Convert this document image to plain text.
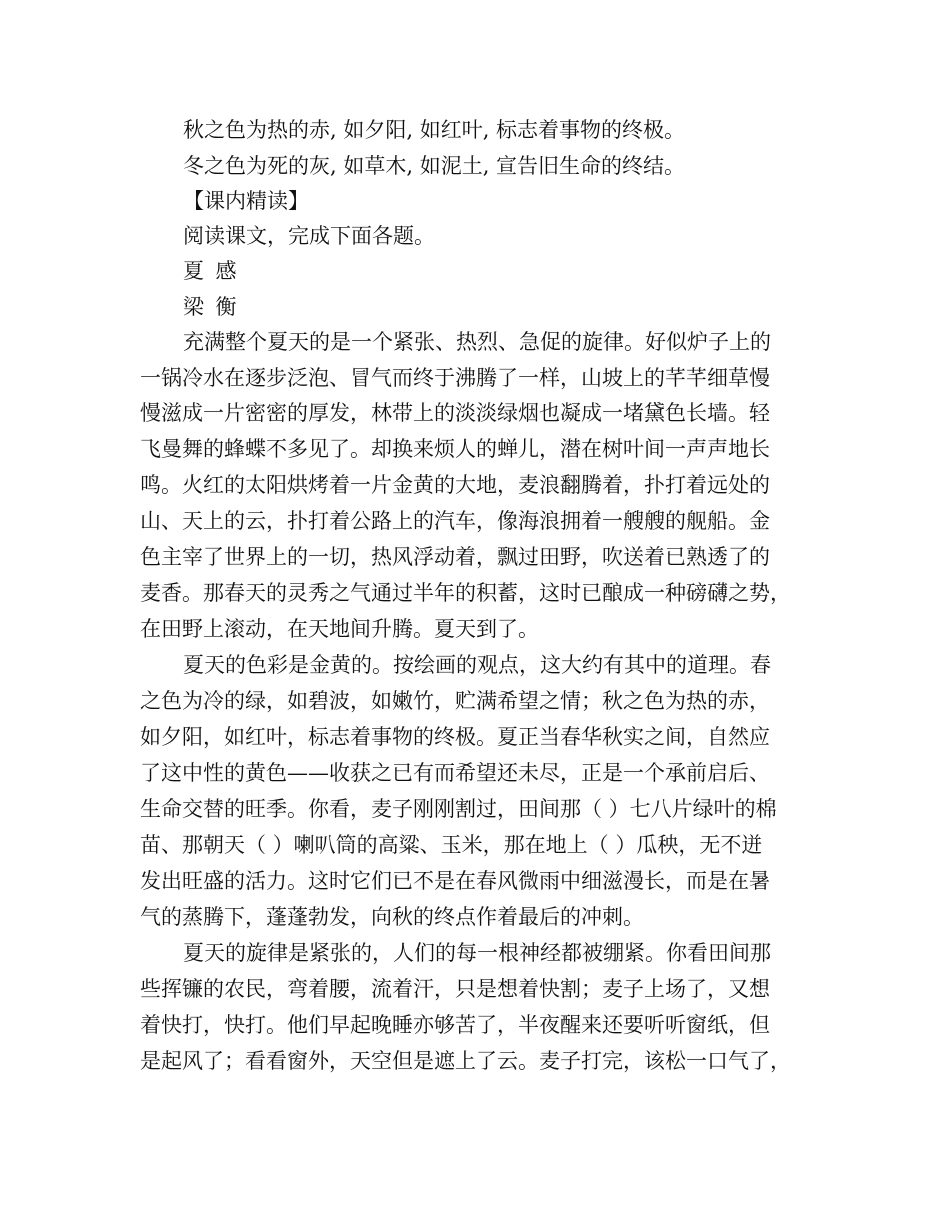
秋之色为热的赤, 如夕阳, 如红叶, 标志着事物的终极。
冬之色为死的灰, 如草木, 如泥土, 宣告旧生命的终结。
【课内精读】
阅读课文，完成下面各题。
夏感
梁衡
充满整个夏天的是一个紧张、热烈、急促的旋律。好似炉子上的
一锅冷水在逐步泛泡、冒气而终于沸腾了一样，山坡上的芊芊细草慢
慢滋成一片密密的厚发，林带上的淡淡绿烟也凝成一堵黛色长墙。轻
飞曼舞的蜂蝶不多见了。却换来烦人的蝉儿，潜在树叶间一声声地长
鸣。火红的太阳烘烤着一片金黄的大地，麦浪翻腾着，扑打着远处的
山、天上的云，扑打着公路上的汽车，像海浪拥着一艘艘的舰船。金
色主宰了世界上的一切，热风浮动着，飘过田野，吹送着已熟透了的
麦香。那春天的灵秀之气通过半年的积蓄，这时已酿成一种磅礴之势，
在田野上滚动，在天地间升腾。夏天到了。
夏天的色彩是金黄的。按绘画的观点，这大约有其中的道理。春
之色为冷的绿，如碧波，如嫩竹，贮满希望之情；秋之色为热的赤，
如夕阳，如红叶，标志着事物的终极。夏正当春华秋实之间，自然应
了这中性的黄色——收获之已有而希望还未尽，正是一个承前启后、
生命交替的旺季。你看，麦子刚刚割过，田间那（ ）七八片绿叶的棉
苗、那朝天（ ）喇叭筒的高粱、玉米，那在地上（ ）瓜秧，无不迸
发出旺盛的活力。这时它们已不是在春风微雨中细滋漫长，而是在暑
气的蒸腾下，蓬蓬勃发，向秋的终点作着最后的冲刺。
夏天的旋律是紧张的，人们的每一根神经都被绷紧。你看田间那
些挥镰的农民，弯着腰，流着汗，只是想着快割；麦子上场了，又想
着快打，快打。他们早起晚睡亦够苦了，半夜醒来还要听听窗纸，但
是起风了；看看窗外，天空但是遮上了云。麦子打完，该松一口气了，
